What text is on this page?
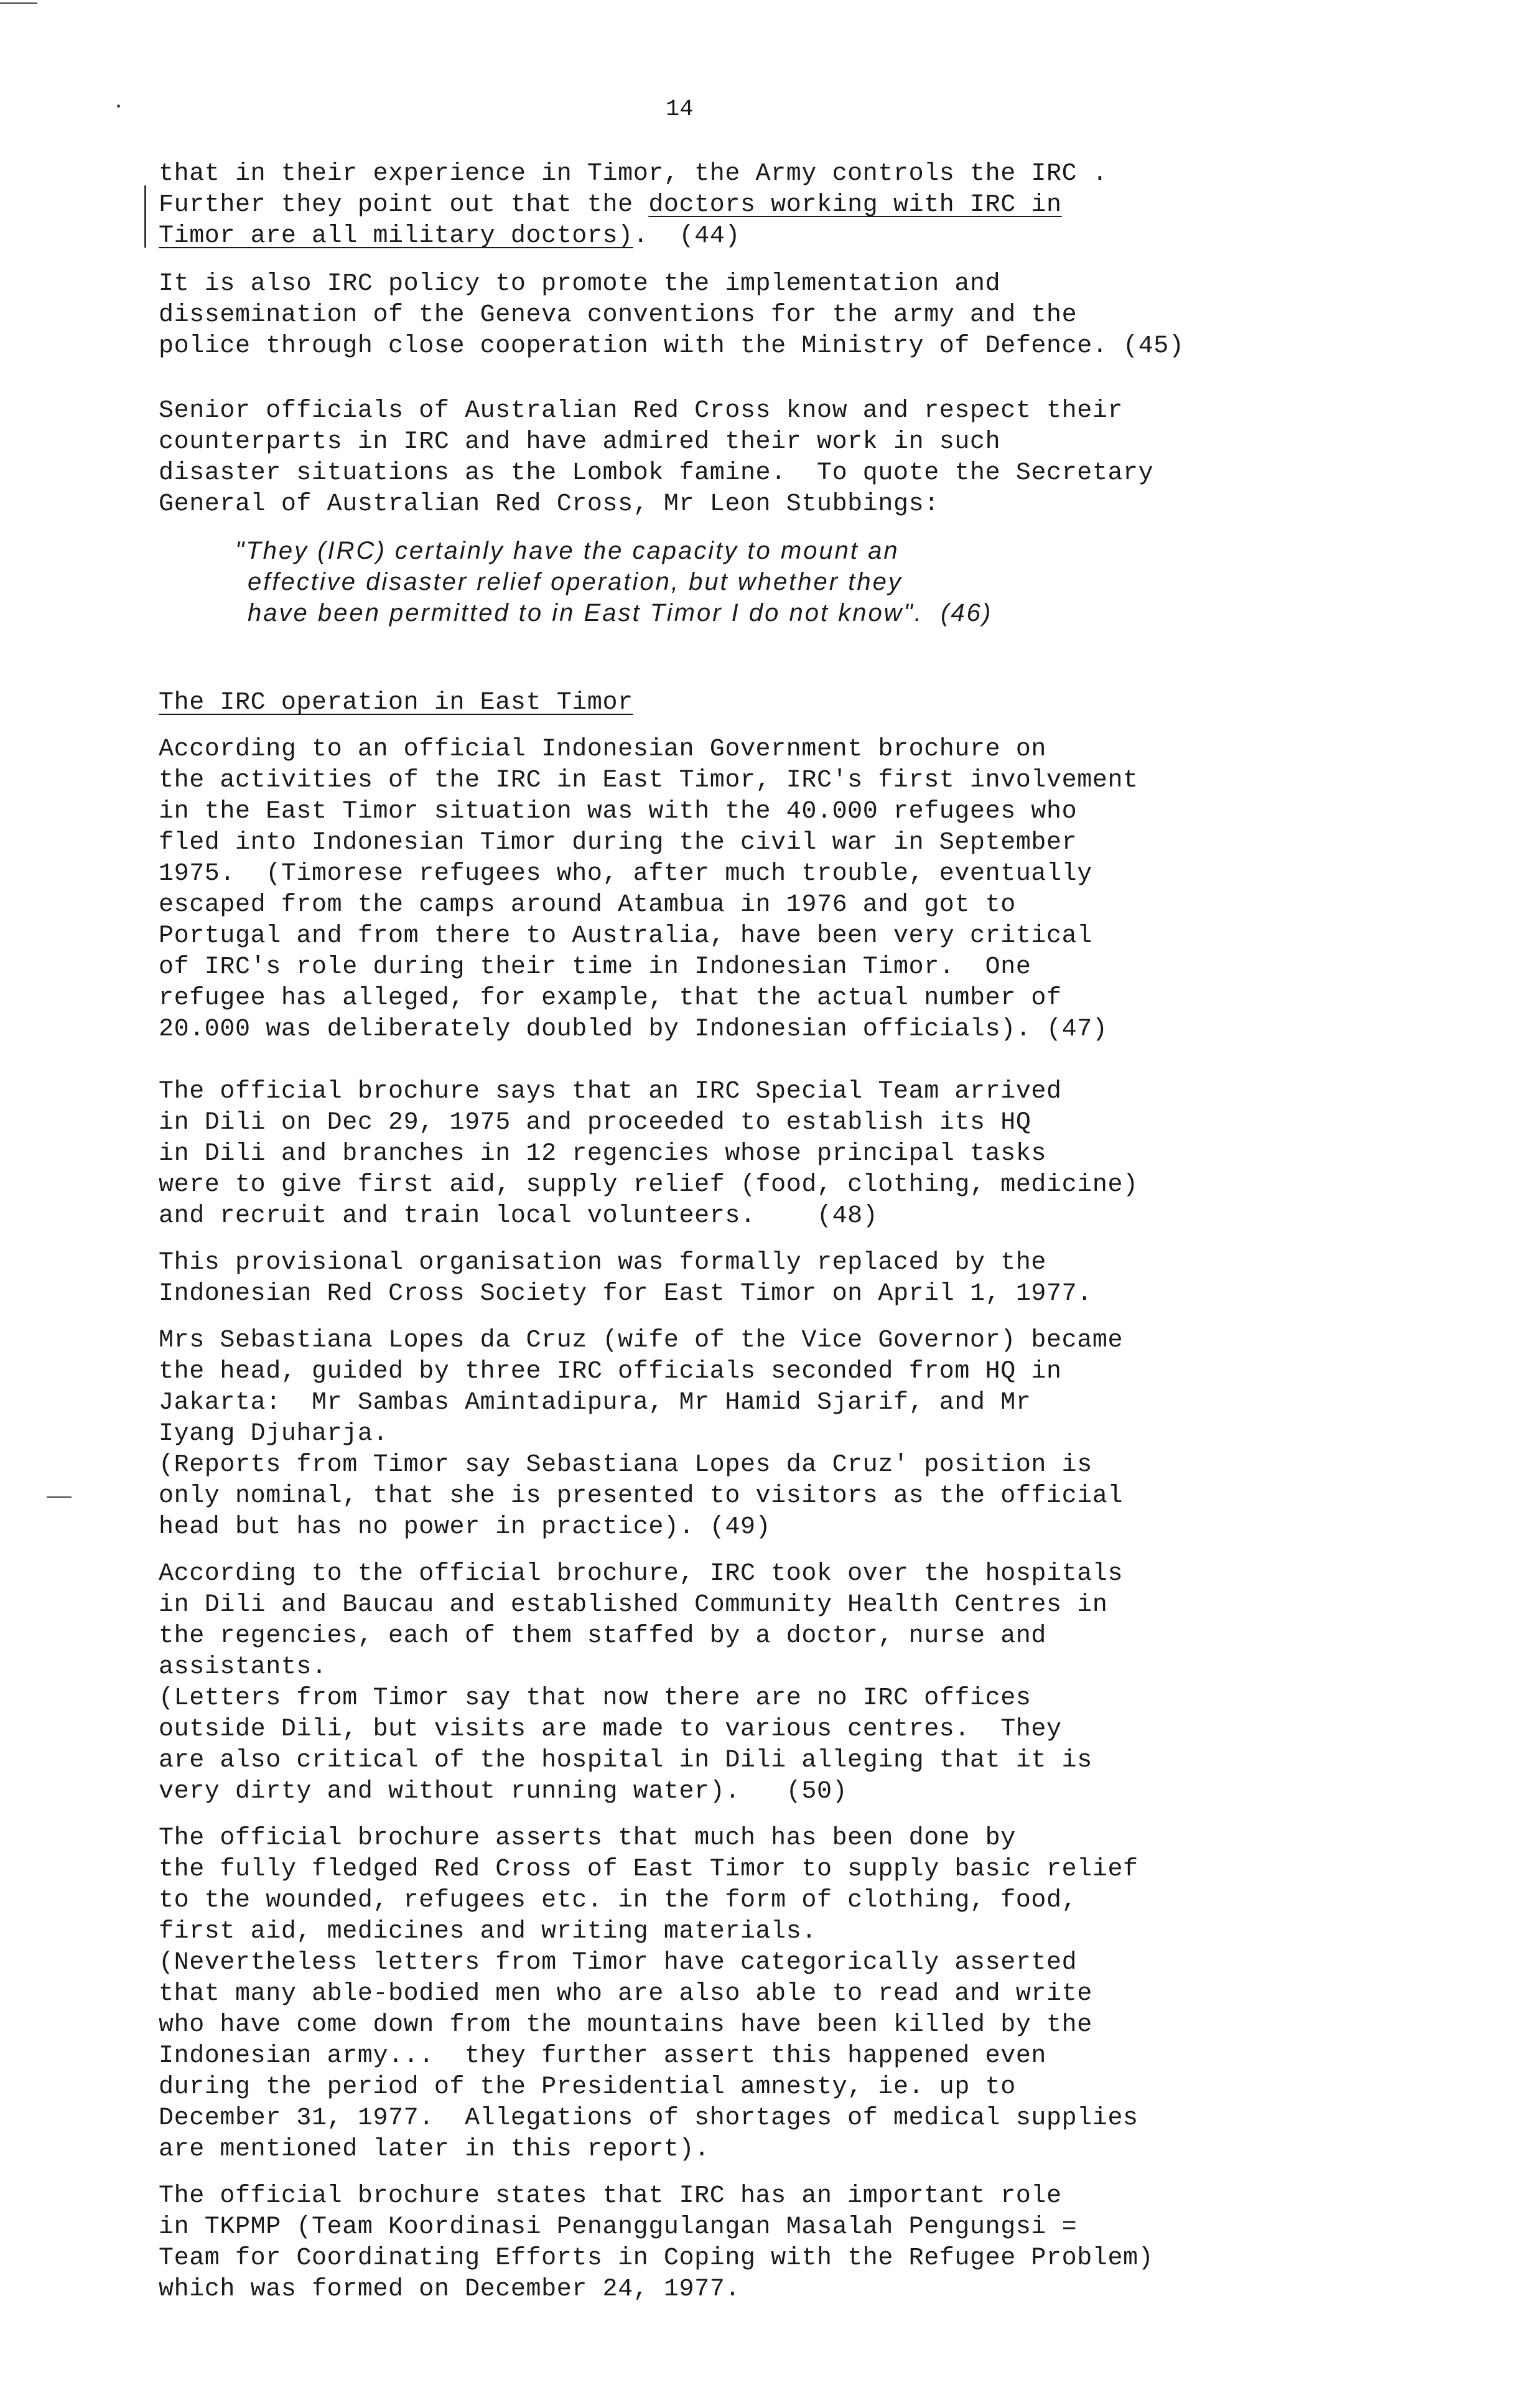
14
that in their experience in Timor, the Army controls the IRC .
Further they point out that the doctors working with IRC in
Timor are all military doctors).  (44)
It is also IRC policy to promote the implementation and
dissemination of the Geneva conventions for the army and the
police through close cooperation with the Ministry of Defence. (45)
Senior officials of Australian Red Cross know and respect their
counterparts in IRC and have admired their work in such
disaster situations as the Lombok famine.  To quote the Secretary
General of Australian Red Cross, Mr Leon Stubbings:
"They (IRC) certainly have the capacity to mount an
effective disaster relief operation, but whether they
have been permitted to in East Timor I do not know".  (46)
The IRC operation in East Timor
According to an official Indonesian Government brochure on
the activities of the IRC in East Timor, IRC's first involvement
in the East Timor situation was with the 40.000 refugees who
fled into Indonesian Timor during the civil war in September
1975.  (Timorese refugees who, after much trouble, eventually
escaped from the camps around Atambua in 1976 and got to
Portugal and from there to Australia, have been very critical
of IRC's role during their time in Indonesian Timor.  One
refugee has alleged, for example, that the actual number of
20.000 was deliberately doubled by Indonesian officials). (47)
The official brochure says that an IRC Special Team arrived
in Dili on Dec 29, 1975 and proceeded to establish its HQ
in Dili and branches in 12 regencies whose principal tasks
were to give first aid, supply relief (food, clothing, medicine)
and recruit and train local volunteers.    (48)
This provisional organisation was formally replaced by the
Indonesian Red Cross Society for East Timor on April 1, 1977.
Mrs Sebastiana Lopes da Cruz (wife of the Vice Governor) became
the head, guided by three IRC officials seconded from HQ in
Jakarta:  Mr Sambas Amintadipura, Mr Hamid Sjarif, and Mr
Iyang Djuharja.
(Reports from Timor say Sebastiana Lopes da Cruz' position is
only nominal, that she is presented to visitors as the official
head but has no power in practice). (49)
According to the official brochure, IRC took over the hospitals
in Dili and Baucau and established Community Health Centres in
the regencies, each of them staffed by a doctor, nurse and
assistants.
(Letters from Timor say that now there are no IRC offices
outside Dili, but visits are made to various centres.  They
are also critical of the hospital in Dili alleging that it is
very dirty and without running water).   (50)
The official brochure asserts that much has been done by
the fully fledged Red Cross of East Timor to supply basic relief
to the wounded, refugees etc. in the form of clothing, food,
first aid, medicines and writing materials.
(Nevertheless letters from Timor have categorically asserted
that many able-bodied men who are also able to read and write
who have come down from the mountains have been killed by the
Indonesian army...  they further assert this happened even
during the period of the Presidential amnesty, ie. up to
December 31, 1977.  Allegations of shortages of medical supplies
are mentioned later in this report).
The official brochure states that IRC has an important role
in TKPMP (Team Koordinasi Penanggulangan Masalah Pengungsi =
Team for Coordinating Efforts in Coping with the Refugee Problem)
which was formed on December 24, 1977.
